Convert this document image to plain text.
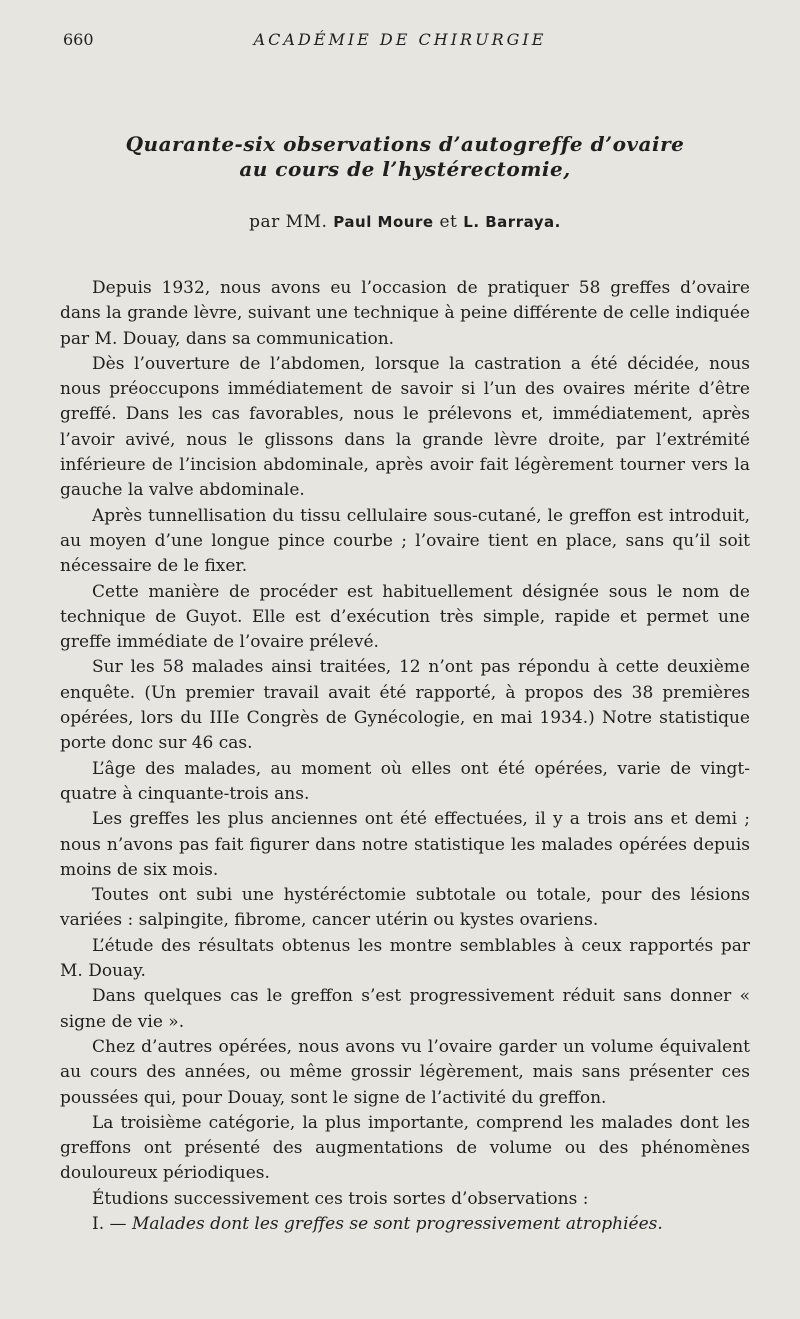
660	ACADÉMIE DE CHIRURGIE
Quarante-six observations d’autogreffe d’ovaire
au cours de l’hystérectomie,
par MM. Paul Moure et L. Barraya.

Depuis 1932, nous avons eu l’occasion de pratiquer 58 greffes d’ovaire dans la grande lèvre, suivant une technique à peine différente de celle indiquée par M. Douay, dans sa communication.

Dès l’ouverture de l’abdomen, lorsque la castration a été décidée, nous nous préoccupons immédiatement de savoir si l’un des ovaires mérite d’être greffé. Dans les cas favorables, nous le prélevons et, immédiatement, après l’avoir avivé, nous le glissons dans la grande lèvre droite, par l’extrémité inférieure de l’incision abdominale, après avoir fait légèrement tourner vers la gauche la valve abdominale.

Après tunnellisation du tissu cellulaire sous-cutané, le greffon est introduit, au moyen d’une longue pince courbe ; l’ovaire tient en place, sans qu’il soit nécessaire de le fixer.

Cette manière de procéder est habituellement désignée sous le nom de technique de Guyot. Elle est d’exécution très simple, rapide et permet une greffe immédiate de l’ovaire prélevé.

Sur les 58 malades ainsi traitées, 12 n’ont pas répondu à cette deuxième enquête. (Un premier travail avait été rapporté, à propos des 38 premières opérées, lors du IIIe Congrès de Gynécologie, en mai 1934.) Notre statistique porte donc sur 46 cas.

L’âge des malades, au moment où elles ont été opérées, varie de vingt-quatre à cinquante-trois ans.

Les greffes les plus anciennes ont été effectuées, il y a trois ans et demi ; nous n’avons pas fait figurer dans notre statistique les malades opérées depuis moins de six mois.

Toutes ont subi une hystéréctomie subtotale ou totale, pour des lésions variées : salpingite, fibrome, cancer utérin ou kystes ovariens.

L’étude des résultats obtenus les montre semblables à ceux rapportés par M. Douay.

Dans quelques cas le greffon s’est progressivement réduit sans donner « signe de vie ».

Chez d’autres opérées, nous avons vu l’ovaire garder un volume équivalent au cours des années, ou même grossir légèrement, mais sans présenter ces poussées qui, pour Douay, sont le signe de l’activité du greffon.

La troisième catégorie, la plus importante, comprend les malades dont les greffons ont présenté des augmentations de volume ou des phénomènes douloureux périodiques.

Étudions successivement ces trois sortes d’observations :

I. — Malades dont les greffes se sont progressivement atrophiées.
